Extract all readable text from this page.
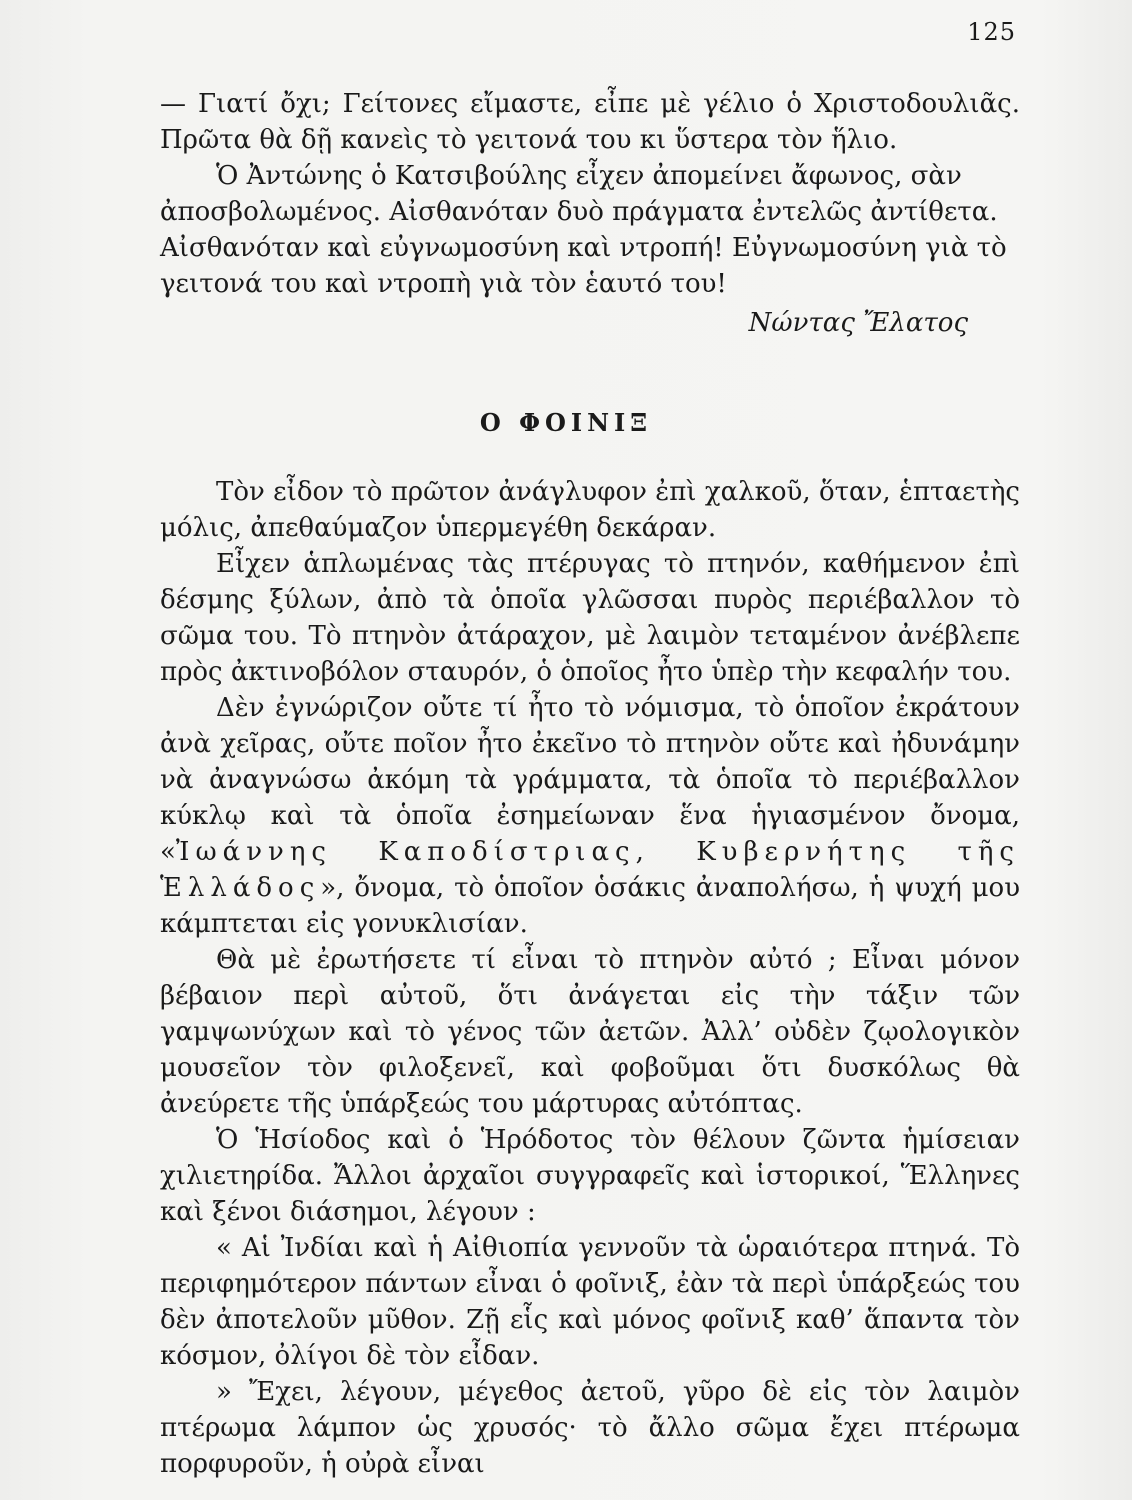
125

— Γιατί ὄχι; Γείτονες εἴμαστε, εἶπε μὲ γέλιο ὁ Χριστοδουλιᾶς. Πρῶτα θὰ δῇ κανεὶς τὸ γειτονά του κι ὕστερα τὸν ἥλιο.

Ὁ Ἀντώνης ὁ Κατσιβούλης εἶχεν ἀπομείνει ἄφωνος, σὰν ἀποσβολωμένος. Αἰσθανόταν δυὸ πράγματα ἐντελῶς ἀντίθετα. Αἰσθανόταν καὶ εὐγνωμοσύνη καὶ ντροπή! Εὐγνωμοσύνη γιὰ τὸ γειτονά του καὶ ντροπὴ γιὰ τὸν ἑαυτό του!

Νώντας Ἔλατος
Ο ΦΟΙΝΙΞ

Τὸν εἶδον τὸ πρῶτον ἀνάγλυφον ἐπὶ χαλκοῦ, ὅταν, ἑπταετὴς μόλις, ἀπεθαύμαζον ὑπερμεγέθη δεκάραν.

Εἶχεν ἁπλωμένας τὰς πτέρυγας τὸ πτηνόν, καθήμενον ἐπὶ δέσμης ξύλων, ἀπὸ τὰ ὁποῖα γλῶσσαι πυρὸς περιέβαλλον τὸ σῶμα του. Τὸ πτηνὸν ἀτάραχον, μὲ λαιμὸν τεταμένον ἀνέβλεπε πρὸς ἀκτινοβόλον σταυρόν, ὁ ὁποῖος ἦτο ὑπὲρ τὴν κεφαλήν του.

Δὲν ἐγνώριζον οὔτε τί ἦτο τὸ νόμισμα, τὸ ὁποῖον ἐκράτουν ἀνὰ χεῖρας, οὔτε ποῖον ἦτο ἐκεῖνο τὸ πτηνὸν οὔτε καὶ ἠδυνάμην νὰ ἀναγνώσω ἀκόμη τὰ γράμματα, τὰ ὁποῖα τὸ περιέβαλλον κύκλῳ καὶ τὰ ὁποῖα ἐσημείωναν ἕνα ἡγιασμένον ὄνομα, «Ἰωάννης Καποδίστριας, Κυβερνήτης τῆς Ἑλλάδος», ὄνομα, τὸ ὁποῖον ὁσάκις ἀναπολήσω, ἡ ψυχή μου κάμπτεται εἰς γονυκλισίαν.

Θὰ μὲ ἐρωτήσετε τί εἶναι τὸ πτηνὸν αὐτό ; Εἶναι μόνον βέβαιον περὶ αὐτοῦ, ὅτι ἀνάγεται εἰς τὴν τάξιν τῶν γαμψωνύχων καὶ τὸ γένος τῶν ἀετῶν. Ἀλλ’ οὐδὲν ζῳολογικὸν μουσεῖον τὸν φιλοξενεῖ, καὶ φοβοῦμαι ὅτι δυσκόλως θὰ ἀνεύρετε τῆς ὑπάρξεώς του μάρτυρας αὐτόπτας.

Ὁ Ἡσίοδος καὶ ὁ Ἡρόδοτος τὸν θέλουν ζῶντα ἡμίσειαν χιλιετηρίδα. Ἄλλοι ἀρχαῖοι συγγραφεῖς καὶ ἱστορικοί, Ἕλληνες καὶ ξένοι διάσημοι, λέγουν :

« Αἱ Ἰνδίαι καὶ ἡ Αἰθιοπία γεννοῦν τὰ ὡραιότερα πτηνά. Τὸ περιφημότερον πάντων εἶναι ὁ φοῖνιξ, ἐὰν τὰ περὶ ὑπάρξεώς του δὲν ἀποτελοῦν μῦθον. Ζῇ εἷς καὶ μόνος φοῖνιξ καθ’ ἅπαντα τὸν κόσμον, ὀλίγοι δὲ τὸν εἶδαν.

» Ἔχει, λέγουν, μέγεθος ἀετοῦ, γῦρο δὲ εἰς τὸν λαιμὸν πτέρωμα λάμπον ὡς χρυσός· τὸ ἄλλο σῶμα ἔχει πτέρωμα πορφυροῦν, ἡ οὐρὰ εἶναι
